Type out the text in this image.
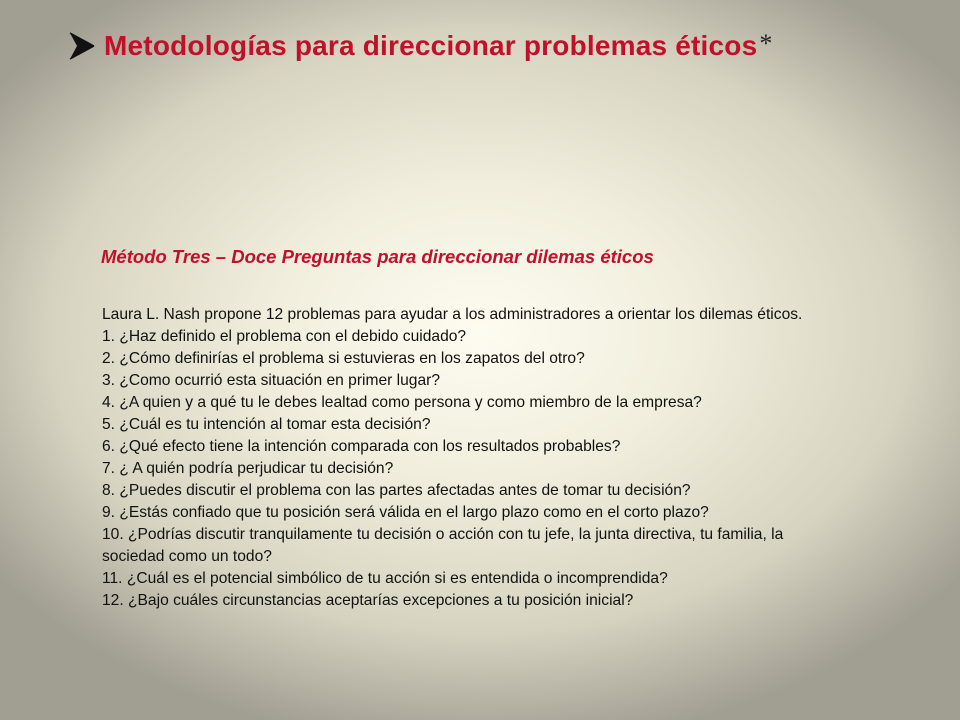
Metodologías para direccionar problemas éticos *
Método Tres – Doce Preguntas para direccionar dilemas éticos

Laura L. Nash propone 12 problemas para ayudar a los administradores a orientar los dilemas éticos.

1. ¿Haz definido el problema con el debido cuidado?

2. ¿Cómo definirías el problema si estuvieras en los zapatos del otro?

3. ¿Como ocurrió esta situación en primer lugar?

4. ¿A quien y a qué tu le debes lealtad como persona y como miembro de la empresa?

5. ¿Cuál es tu intención al tomar esta decisión?

6. ¿Qué efecto tiene la intención comparada con los resultados probables?

7. ¿ A quién podría perjudicar tu decisión?

8. ¿Puedes discutir el problema con las partes afectadas antes de tomar tu decisión?

9. ¿Estás confiado que tu posición será válida en el largo plazo como en el corto plazo?

10. ¿Podrías discutir tranquilamente tu decisión o acción con tu jefe, la junta directiva, tu familia, la sociedad como un todo?

11. ¿Cuál es el potencial simbólico de tu acción si es entendida o incomprendida?

12. ¿Bajo cuáles circunstancias aceptarías excepciones a tu posición inicial?
